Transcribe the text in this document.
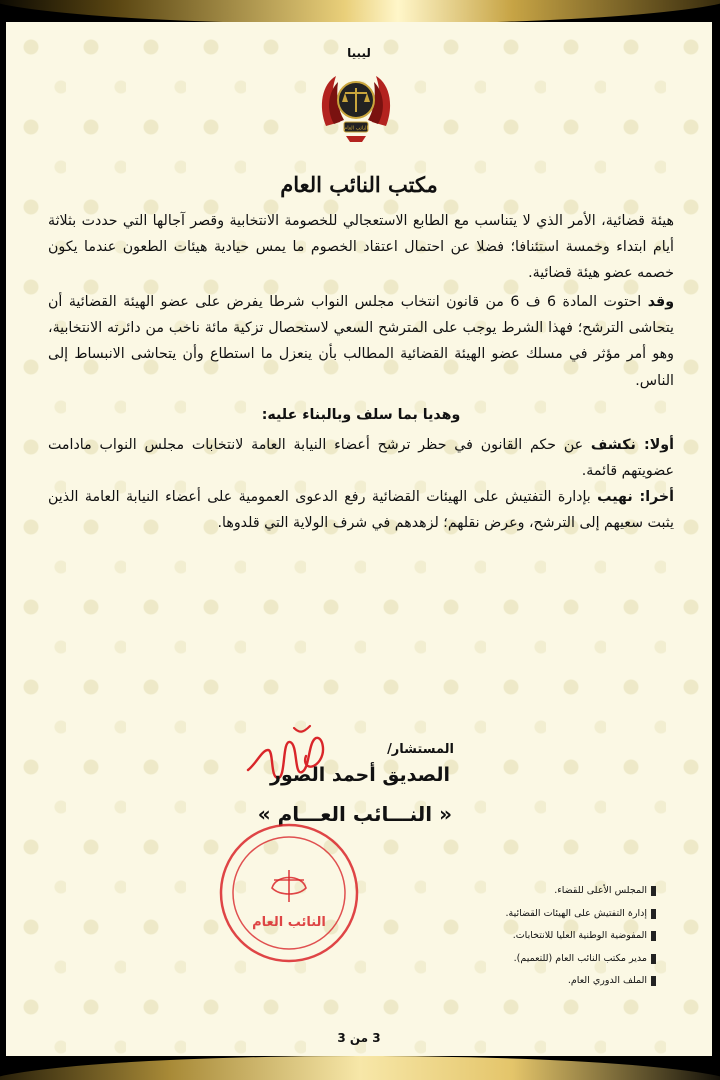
ليبيا
النائب العام
مكتب النائب العام

هيئة قضائية، الأمر الذي لا يتناسب مع الطابع الاستعجالي للخصومة الانتخابية وقصر آجالها التي حددت بثلاثة أيام ابتداء وخمسة استئنافا؛ فضلا عن احتمال اعتقاد الخصوم ما يمس حيادية هيئات الطعون عندما يكون خصمه عضو هيئة قضائية.

وقد احتوت المادة 6 ف 6 من قانون انتخاب مجلس النواب شرطا يفرض على عضو الهيئة القضائية أن يتحاشى الترشح؛ فهذا الشرط يوجب على المترشح السعي لاستحصال تزكية مائة ناخب من دائرته الانتخابية، وهو أمر مؤثر في مسلك عضو الهيئة القضائية المطالب بأن ينعزل ما استطاع وأن يتحاشى الانبساط إلى الناس.

وهديا بما سلف وبالبناء عليه:

أولا: نكشف عن حكم القانون في حظر ترشح أعضاء النيابة العامة لانتخابات مجلس النواب مادامت عضويتهم قائمة.

أخرا: نهيب بإدارة التفتيش على الهيئات القضائية رفع الدعوى العمومية على أعضاء النيابة العامة الذين يثبت سعيهم إلى الترشح، وعرض نقلهم؛ لزهدهم في شرف الولاية التي قلدوها.

المستشار/
الصديق أحمد الصور
« النـــائب العـــام »
النائب العام
المجلس الأعلى للقضاء.
إدارة التفتيش على الهيئات القضائية.
المفوضية الوطنية العليا للانتخابات.
مدير مكتب النائب العام (للتعميم).
الملف الدوري العام.
3 من 3
